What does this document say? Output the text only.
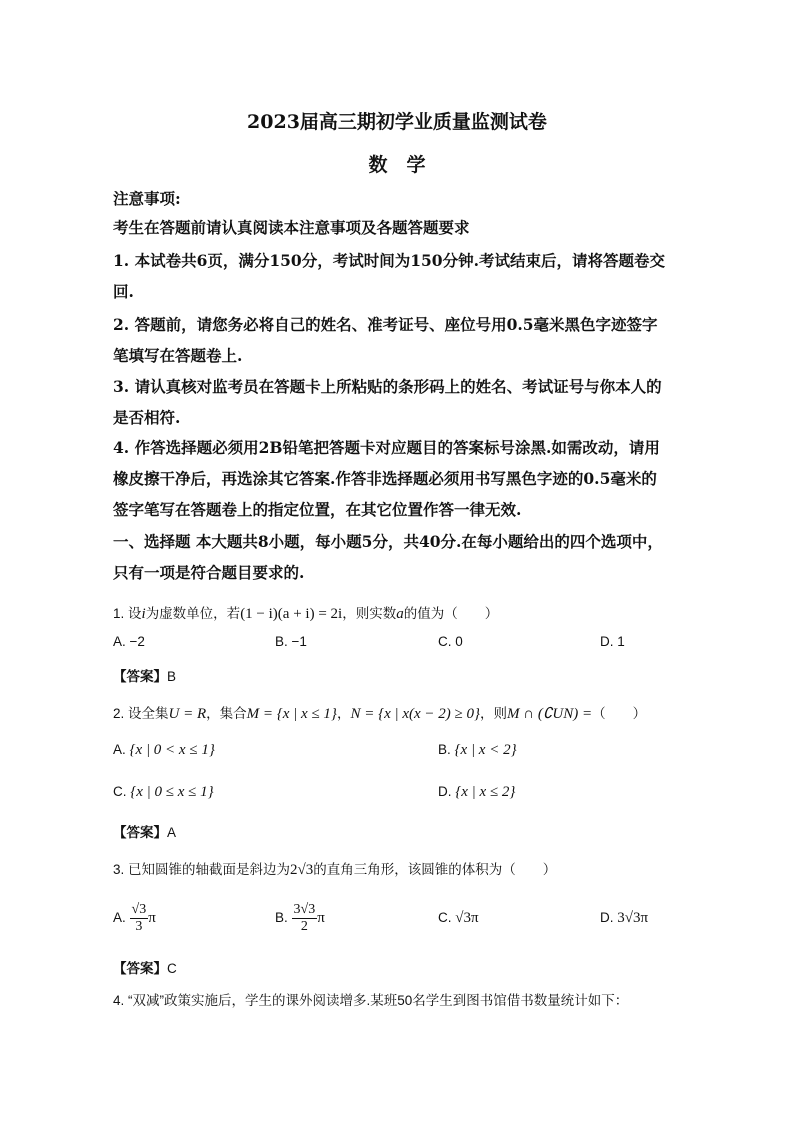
2023届高三期初学业质量监测试卷
数　学
注意事项:
考生在答题前请认真阅读本注意事项及各题答题要求
1. 本试卷共6页，满分150分，考试时间为150分钟.考试结束后，请将答题卷交
回.
2. 答题前，请您务必将自己的姓名、准考证号、座位号用0.5毫米黑色字迹签字
笔填写在答题卷上.
3. 请认真核对监考员在答题卡上所粘贴的条形码上的姓名、考试证号与你本人的
是否相符.
4. 作答选择题必须用2B铅笔把答题卡对应题目的答案标号涂黑.如需改动，请用
橡皮擦干净后，再选涂其它答案.作答非选择题必须用书写黑色字迹的0.5毫米的
签字笔写在答题卷上的指定位置，在其它位置作答一律无效.
一、选择题 本大题共8小题，每小题5分，共40分.在每小题给出的四个选项中，
只有一项是符合题目要求的.
1. 设i为虚数单位，若(1 − i)(a + i) = 2i，则实数a的值为（　　）
A. −2	B. −1	C. 0	D. 1
【答案】B
2. 设全集U = R，集合M = {x | x ≤ 1}，N = {x | x(x − 2) ≥ 0}，则M ∩ (∁UN) =（　　）
A. {x | 0 < x ≤ 1}	B. {x | x < 2}
C. {x | 0 ≤ x ≤ 1}	D. {x | x ≤ 2}
【答案】A
3. 已知圆锥的轴截面是斜边为2√3的直角三角形，该圆锥的体积为（　　）
A. $\frac{√3}{3}$ π	B. $\frac{3√3}{2}$ π	C. √3π	D. 3√3π
【答案】C
4. “双减”政策实施后，学生的课外阅读增多.某班50名学生到图书馆借书数量统计如下：
